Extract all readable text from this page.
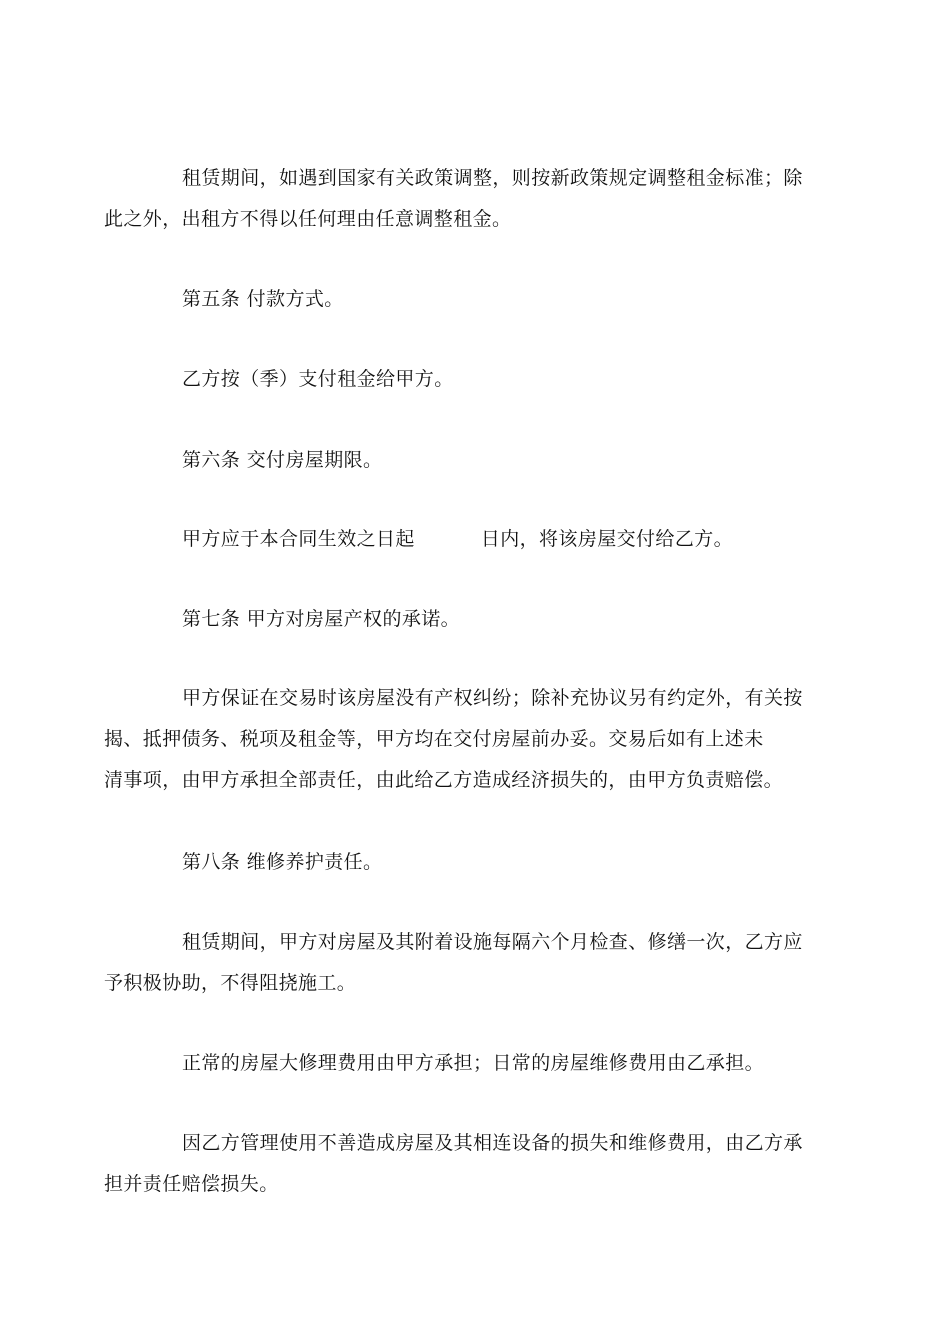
租赁期间，如遇到国家有关政策调整，则按新政策规定调整租金标准；除
此之外，出租方不得以任何理由任意调整租金。

第五条 付款方式。

乙方按（季）支付租金给甲方。

第六条 交付房屋期限。

甲方应于本合同生效之日起	日内，将该房屋交付给乙方。

第七条 甲方对房屋产权的承诺。

甲方保证在交易时该房屋没有产权纠纷；除补充协议另有约定外，有关按
揭、抵押债务、税项及租金等，甲方均在交付房屋前办妥。交易后如有上述未
清事项，由甲方承担全部责任，由此给乙方造成经济损失的，由甲方负责赔偿。

第八条 维修养护责任。

租赁期间，甲方对房屋及其附着设施每隔六个月检查、修缮一次，乙方应
予积极协助，不得阻挠施工。

正常的房屋大修理费用由甲方承担；日常的房屋维修费用由乙承担。

因乙方管理使用不善造成房屋及其相连设备的损失和维修费用，由乙方承
担并责任赔偿损失。
